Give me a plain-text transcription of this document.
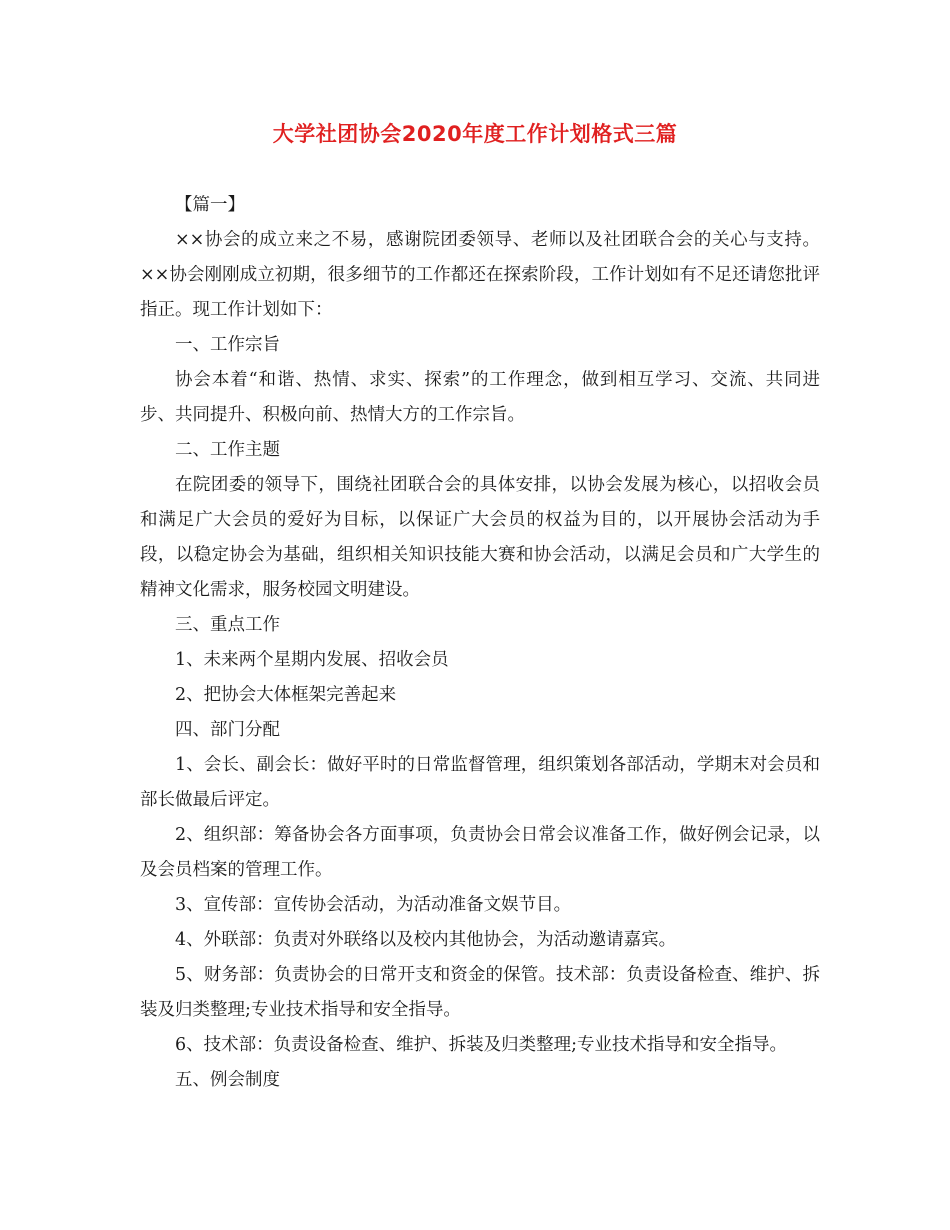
大学社团协会2020年度工作计划格式三篇

【篇一】

××协会的成立来之不易，感谢院团委领导、老师以及社团联合会的关心与支持。××协会刚刚成立初期，很多细节的工作都还在探索阶段，工作计划如有不足还请您批评指正。现工作计划如下：

一、工作宗旨

协会本着“和谐、热情、求实、探索”的工作理念，做到相互学习、交流、共同进步、共同提升、积极向前、热情大方的工作宗旨。

二、工作主题

在院团委的领导下，围绕社团联合会的具体安排，以协会发展为核心，以招收会员和满足广大会员的爱好为目标，以保证广大会员的权益为目的，以开展协会活动为手段，以稳定协会为基础，组织相关知识技能大赛和协会活动，以满足会员和广大学生的精神文化需求，服务校园文明建设。

三、重点工作

1、未来两个星期内发展、招收会员

2、把协会大体框架完善起来

四、部门分配

1、会长、副会长：做好平时的日常监督管理，组织策划各部活动，学期末对会员和部长做最后评定。

2、组织部：筹备协会各方面事项，负责协会日常会议准备工作，做好例会记录，以及会员档案的管理工作。

3、宣传部：宣传协会活动，为活动准备文娱节目。

4、外联部：负责对外联络以及校内其他协会，为活动邀请嘉宾。

5、财务部：负责协会的日常开支和资金的保管。技术部：负责设备检查、维护、拆装及归类整理;专业技术指导和安全指导。

6、技术部：负责设备检查、维护、拆装及归类整理;专业技术指导和安全指导。

五、例会制度
